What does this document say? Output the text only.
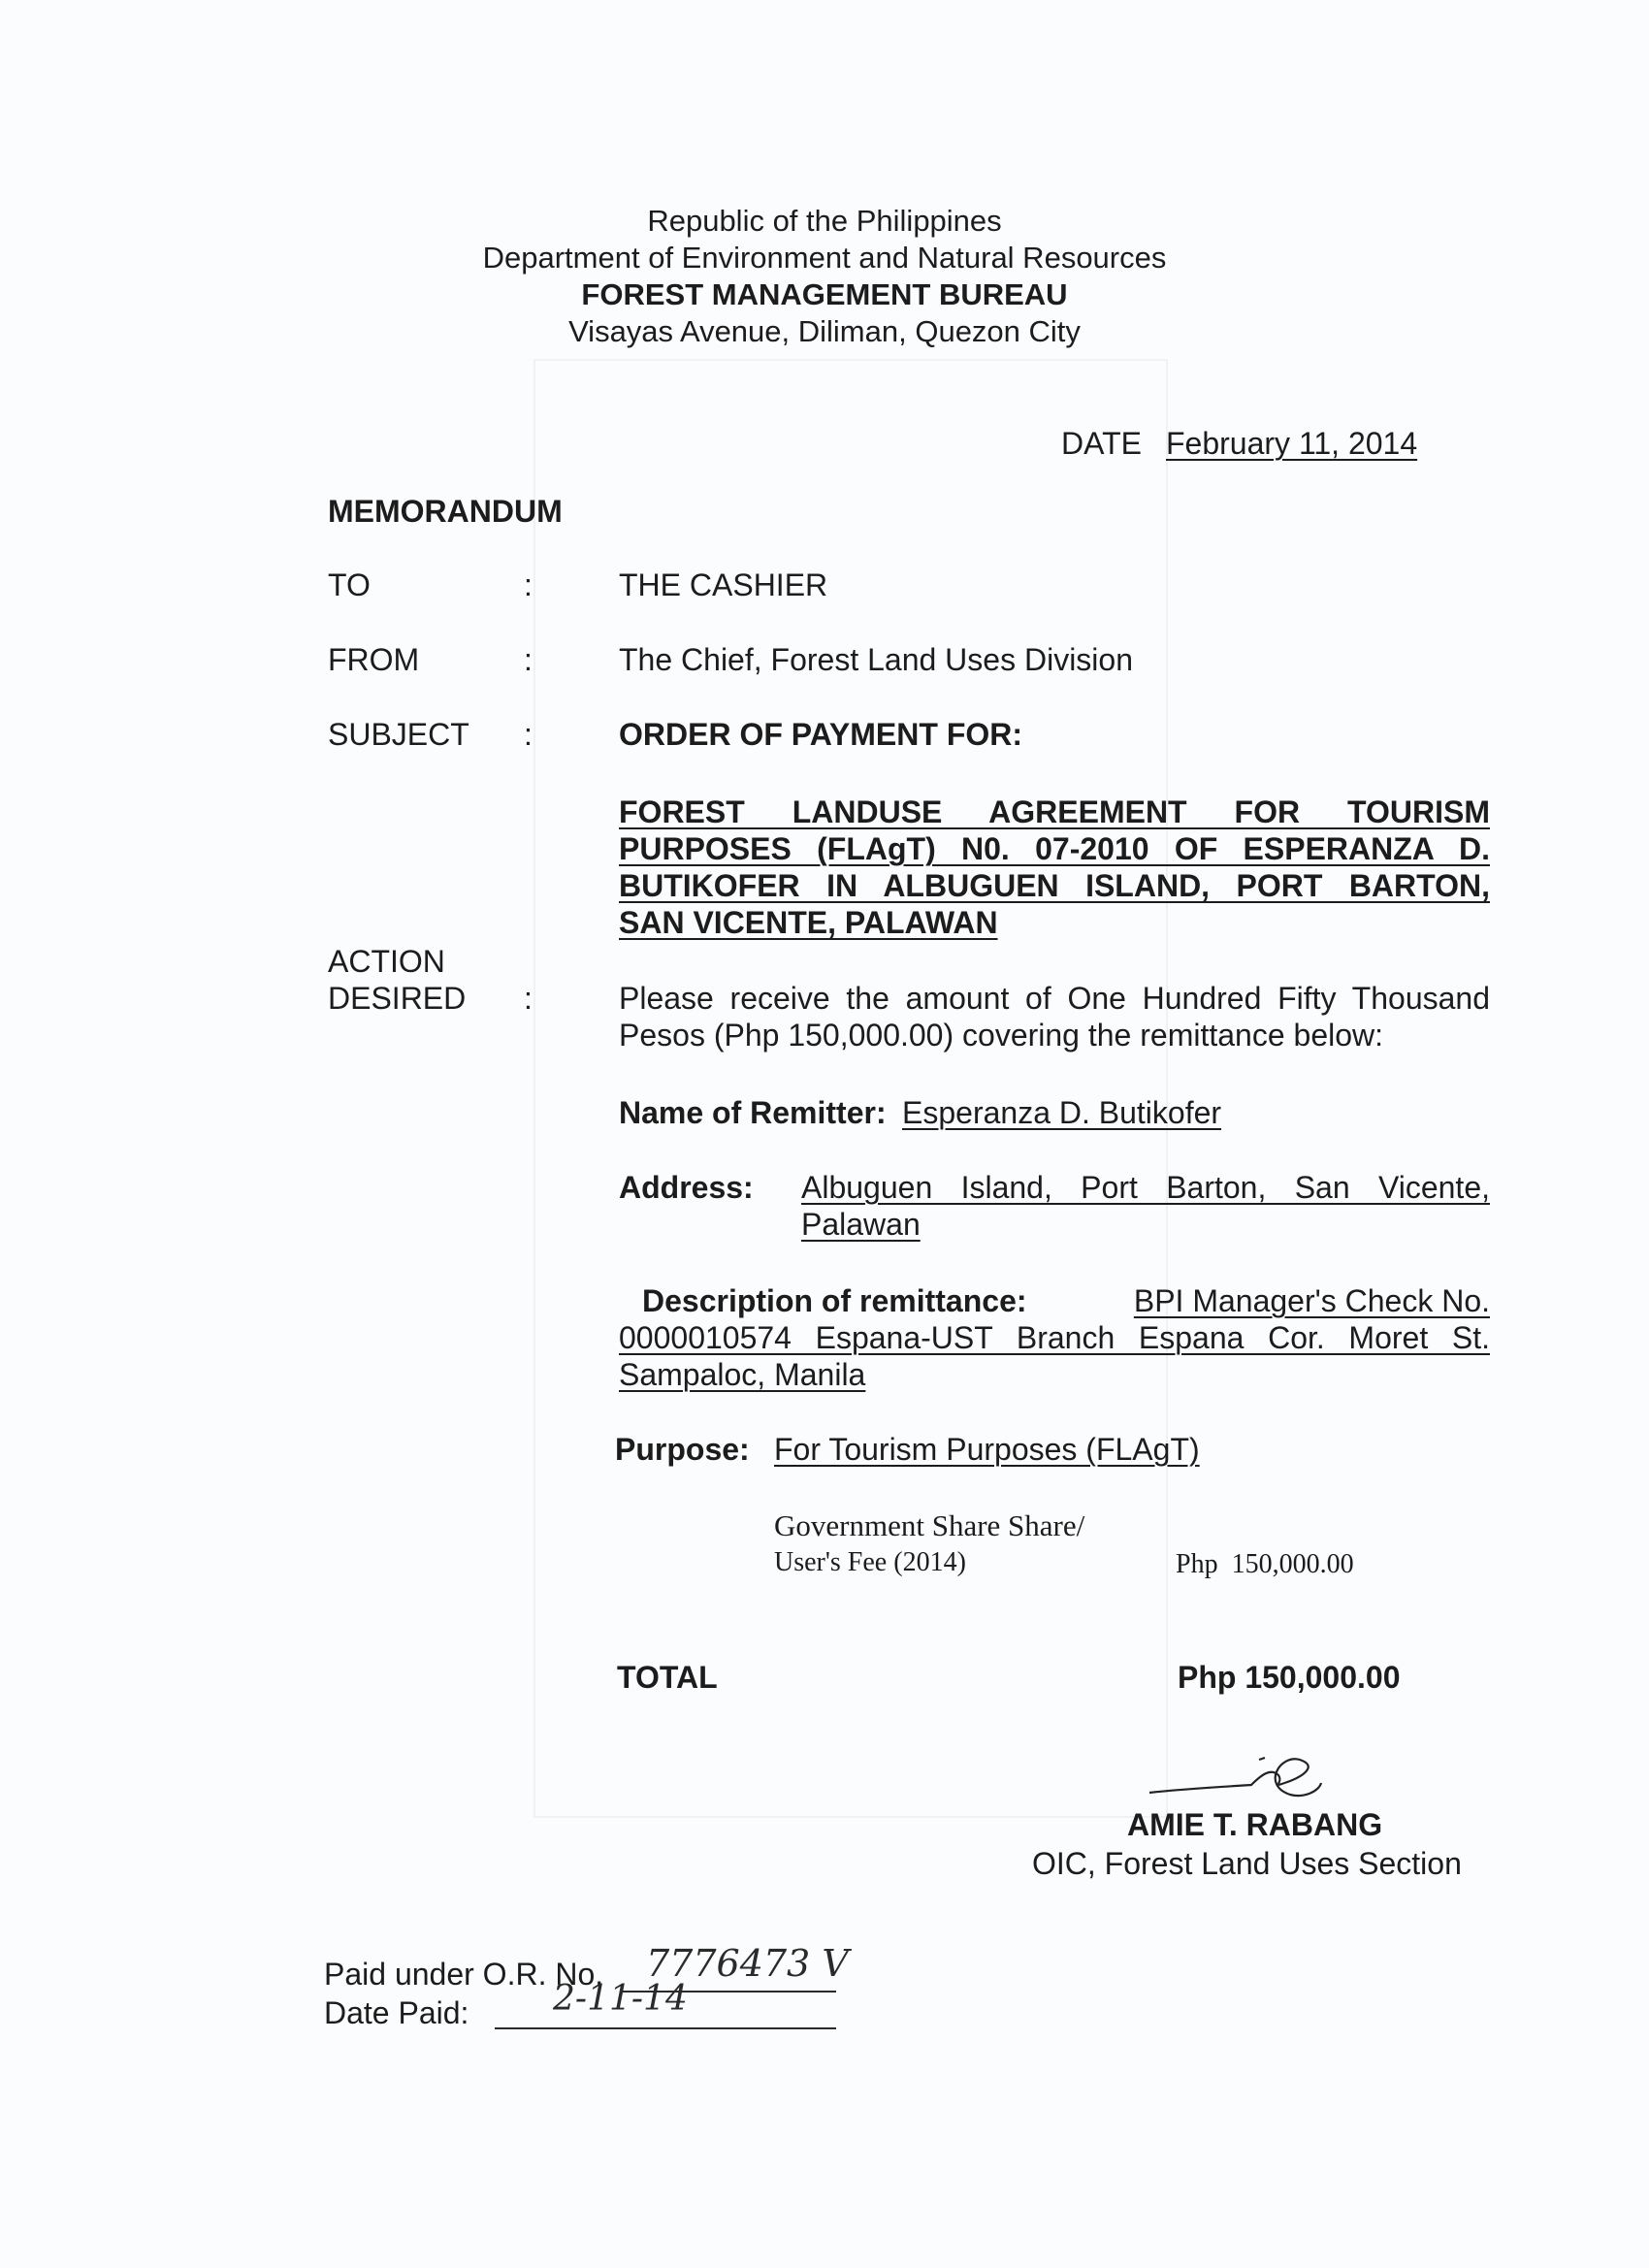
Republic of the Philippines
Department of Environment and Natural Resources
FOREST MANAGEMENT BUREAU
Visayas Avenue, Diliman, Quezon City
DATE February 11, 2014
MEMORANDUM
TO	:	THE CASHIER
FROM	:	The Chief, Forest Land Uses Division
SUBJECT :	ORDER OF PAYMENT FOR:
FOREST LANDUSE AGREEMENT FOR TOURISM
PURPOSES (FLAgT) N0. 07-2010 OF ESPERANZA D.
BUTIKOFER IN ALBUGUEN ISLAND, PORT BARTON,
SAN VICENTE, PALAWAN
ACTION
DESIRED :	Please receive the amount of One Hundred Fifty Thousand
Pesos (Php 150,000.00) covering the remittance below:
Name of Remitter: Esperanza D. Butikofer
Address: Albuguen Island, Port Barton, San Vicente,
Palawan
Description of remittance:	BPI Manager's Check No.
0000010574 Espana-UST Branch Espana Cor. Moret St.
Sampaloc, Manila
Purpose: For Tourism Purposes (FLAgT)
Government Share Share/
User's Fee (2014)	Php  150,000.00
TOTAL	Php 150,000.00
AMIE T. RABANG
OIC, Forest Land Uses Section
Paid under O.R. No. 7776473 V
Date Paid: 2-11-14
